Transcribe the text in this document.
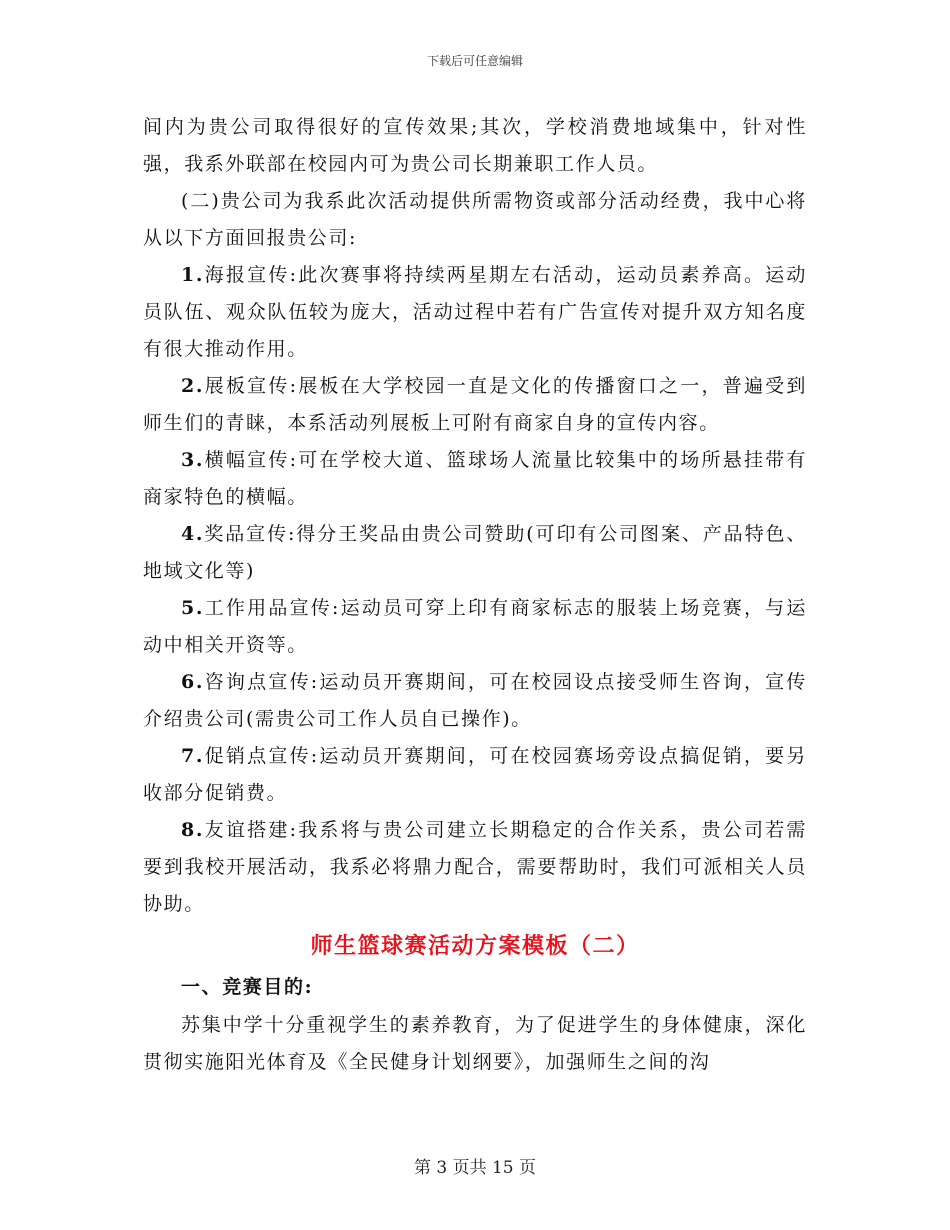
下载后可任意编辑

间内为贵公司取得很好的宣传效果;其次，学校消费地域集中，针对性强，我系外联部在校园内可为贵公司长期兼职工作人员。

(二)贵公司为我系此次活动提供所需物资或部分活动经费，我中心将从以下方面回报贵公司:

1.海报宣传:此次赛事将持续两星期左右活动，运动员素养高。运动员队伍、观众队伍较为庞大，活动过程中若有广告宣传对提升双方知名度有很大推动作用。

2.展板宣传:展板在大学校园一直是文化的传播窗口之一，普遍受到师生们的青睐，本系活动列展板上可附有商家自身的宣传内容。

3.横幅宣传:可在学校大道、篮球场人流量比较集中的场所悬挂带有商家特色的横幅。

4.奖品宣传:得分王奖品由贵公司赞助(可印有公司图案、产品特色、地域文化等)

5.工作用品宣传:运动员可穿上印有商家标志的服装上场竞赛，与运动中相关开资等。

6.咨询点宣传:运动员开赛期间，可在校园设点接受师生咨询，宣传介绍贵公司(需贵公司工作人员自已操作)。

7.促销点宣传:运动员开赛期间，可在校园赛场旁设点搞促销，要另收部分促销费。

8.友谊搭建:我系将与贵公司建立长期稳定的合作关系，贵公司若需要到我校开展活动，我系必将鼎力配合，需要帮助时，我们可派相关人员协助。

师生篮球赛活动方案模板（二）

一、竞赛目的:

苏集中学十分重视学生的素养教育，为了促进学生的身体健康，深化贯彻实施阳光体育及《全民健身计划纲要》，加强师生之间的沟

第 3 页共 15 页
